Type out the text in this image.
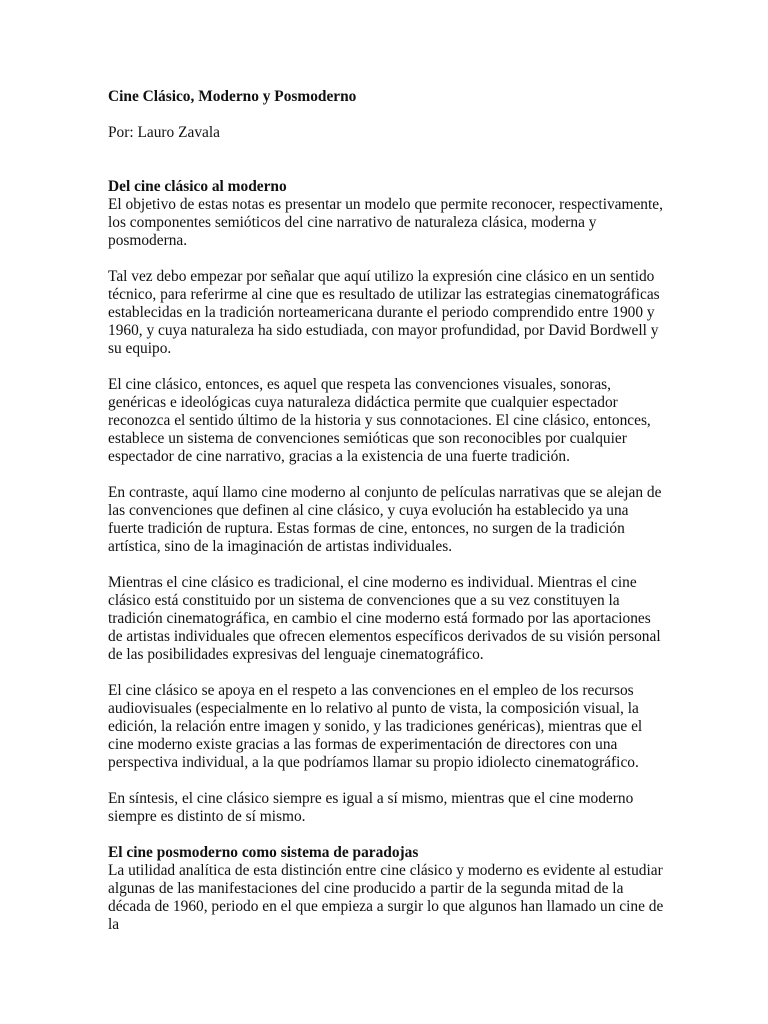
Cine Clásico, Moderno y Posmoderno
Por: Lauro Zavala
Del cine clásico al moderno

El objetivo de estas notas es presentar un modelo que permite reconocer, respectivamente, los componentes semióticos del cine narrativo de naturaleza clásica, moderna y posmoderna.

Tal vez debo empezar por señalar que aquí utilizo la expresión cine clásico en un sentido técnico, para referirme al cine que es resultado de utilizar las estrategias cinematográficas establecidas en la tradición norteamericana durante el periodo comprendido entre 1900 y 1960, y cuya naturaleza ha sido estudiada, con mayor profundidad, por David Bordwell y su equipo.

El cine clásico, entonces, es aquel que respeta las convenciones visuales, sonoras, genéricas e ideológicas cuya naturaleza didáctica permite que cualquier espectador reconozca el sentido último de la historia y sus connotaciones. El cine clásico, entonces, establece un sistema de convenciones semióticas que son reconocibles por cualquier espectador de cine narrativo, gracias a la existencia de una fuerte tradición.

En contraste, aquí llamo cine moderno al conjunto de películas narrativas que se alejan de las convenciones que definen al cine clásico, y cuya evolución ha establecido ya una fuerte tradición de ruptura. Estas formas de cine, entonces, no surgen de la tradición artística, sino de la imaginación de artistas individuales.

Mientras el cine clásico es tradicional, el cine moderno es individual. Mientras el cine clásico está constituido por un sistema de convenciones que a su vez constituyen la tradición cinematográfica, en cambio el cine moderno está formado por las aportaciones de artistas individuales que ofrecen elementos específicos derivados de su visión personal de las posibilidades expresivas del lenguaje cinematográfico.

El cine clásico se apoya en el respeto a las convenciones en el empleo de los recursos audiovisuales (especialmente en lo relativo al punto de vista, la composición visual, la edición, la relación entre imagen y sonido, y las tradiciones genéricas), mientras que el cine moderno existe gracias a las formas de experimentación de directores con una perspectiva individual, a la que podríamos llamar su propio idiolecto cinematográfico.

En síntesis, el cine clásico siempre es igual a sí mismo, mientras que el cine moderno siempre es distinto de sí mismo.

El cine posmoderno como sistema de paradojas

La utilidad analítica de esta distinción entre cine clásico y moderno es evidente al estudiar algunas de las manifestaciones del cine producido a partir de la segunda mitad de la década de 1960, periodo en el que empieza a surgir lo que algunos han llamado un cine de la
